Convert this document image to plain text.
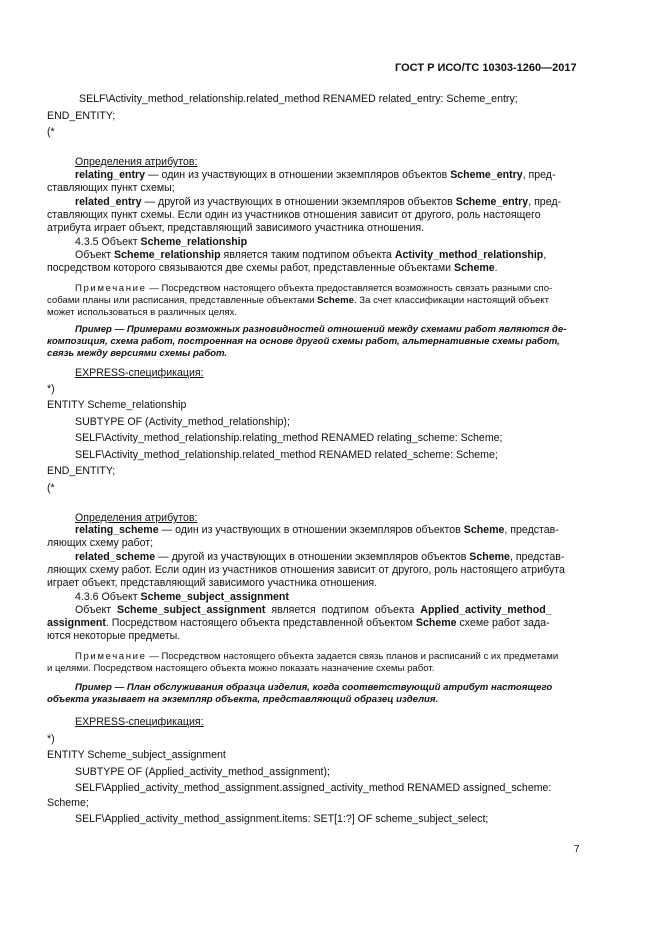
ГОСТ Р ИСО/ТС 10303-1260—2017
SELF\Activity_method_relationship.related_method RENAMED related_entry: Scheme_entry;
END_ENTITY;
(*
Определения атрибутов:
relating_entry — один из участвующих в отношении экземпляров объектов Scheme_entry, пред-
ставляющих пункт схемы;
related_entry — другой из участвующих в отношении экземпляров объектов Scheme_entry, пред-
ставляющих пункт схемы. Если один из участников отношения зависит от другого, роль настоящего
атрибута играет объект, представляющий зависимого участника отношения.
4.3.5 Объект Scheme_relationship
Объект Scheme_relationship является таким подтипом объекта Activity_method_relationship,
посредством которого связываются две схемы работ, представленные объектами Scheme.
Примечание — Посредством настоящего объекта предоставляется возможность связать разными спо-
собами планы или расписания, представленные объектами Scheme. За счет классификации настоящий объект
может использоваться в различных целях.
Пример — Примерами возможных разновидностей отношений между схемами работ являются де-
композиция, схема работ, построенная на основе другой схемы работ, альтернативные схемы работ,
связь между версиями схемы работ.
EXPRESS-спецификация:
*)
ENTITY Scheme_relationship
SUBTYPE OF (Activity_method_relationship);
SELF\Activity_method_relationship.relating_method RENAMED relating_scheme: Scheme;
SELF\Activity_method_relationship.related_method RENAMED related_scheme: Scheme;
END_ENTITY;
(*
Определения атрибутов:
relating_scheme — один из участвующих в отношении экземпляров объектов Scheme, представ-
ляющих схему работ;
related_scheme — другой из участвующих в отношении экземпляров объектов Scheme, представ-
ляющих схему работ. Если один из участников отношения зависит от другого, роль настоящего атрибута
играет объект, представляющий зависимого участника отношения.
4.3.6 Объект Scheme_subject_assignment
Объект Scheme_subject_assignment является подтипом объекта Applied_activity_method_
assignment. Посредством настоящего объекта представленной объектом Scheme схеме работ зада-
ются некоторые предметы.
Примечание — Посредством настоящего объекта задается связь планов и расписаний с их предметами
и целями. Посредством настоящего объекта можно показать назначение схемы работ.
Пример — План обслуживания образца изделия, когда соответствующий атрибут настоящего
объекта указывает на экземпляр объекта, представляющий образец изделия.
EXPRESS-спецификация:
*)
ENTITY Scheme_subject_assignment
SUBTYPE OF (Applied_activity_method_assignment);
SELF\Applied_activity_method_assignment.assigned_activity_method RENAMED assigned_scheme:
Scheme;
SELF\Applied_activity_method_assignment.items: SET[1:?] OF scheme_subject_select;
7
